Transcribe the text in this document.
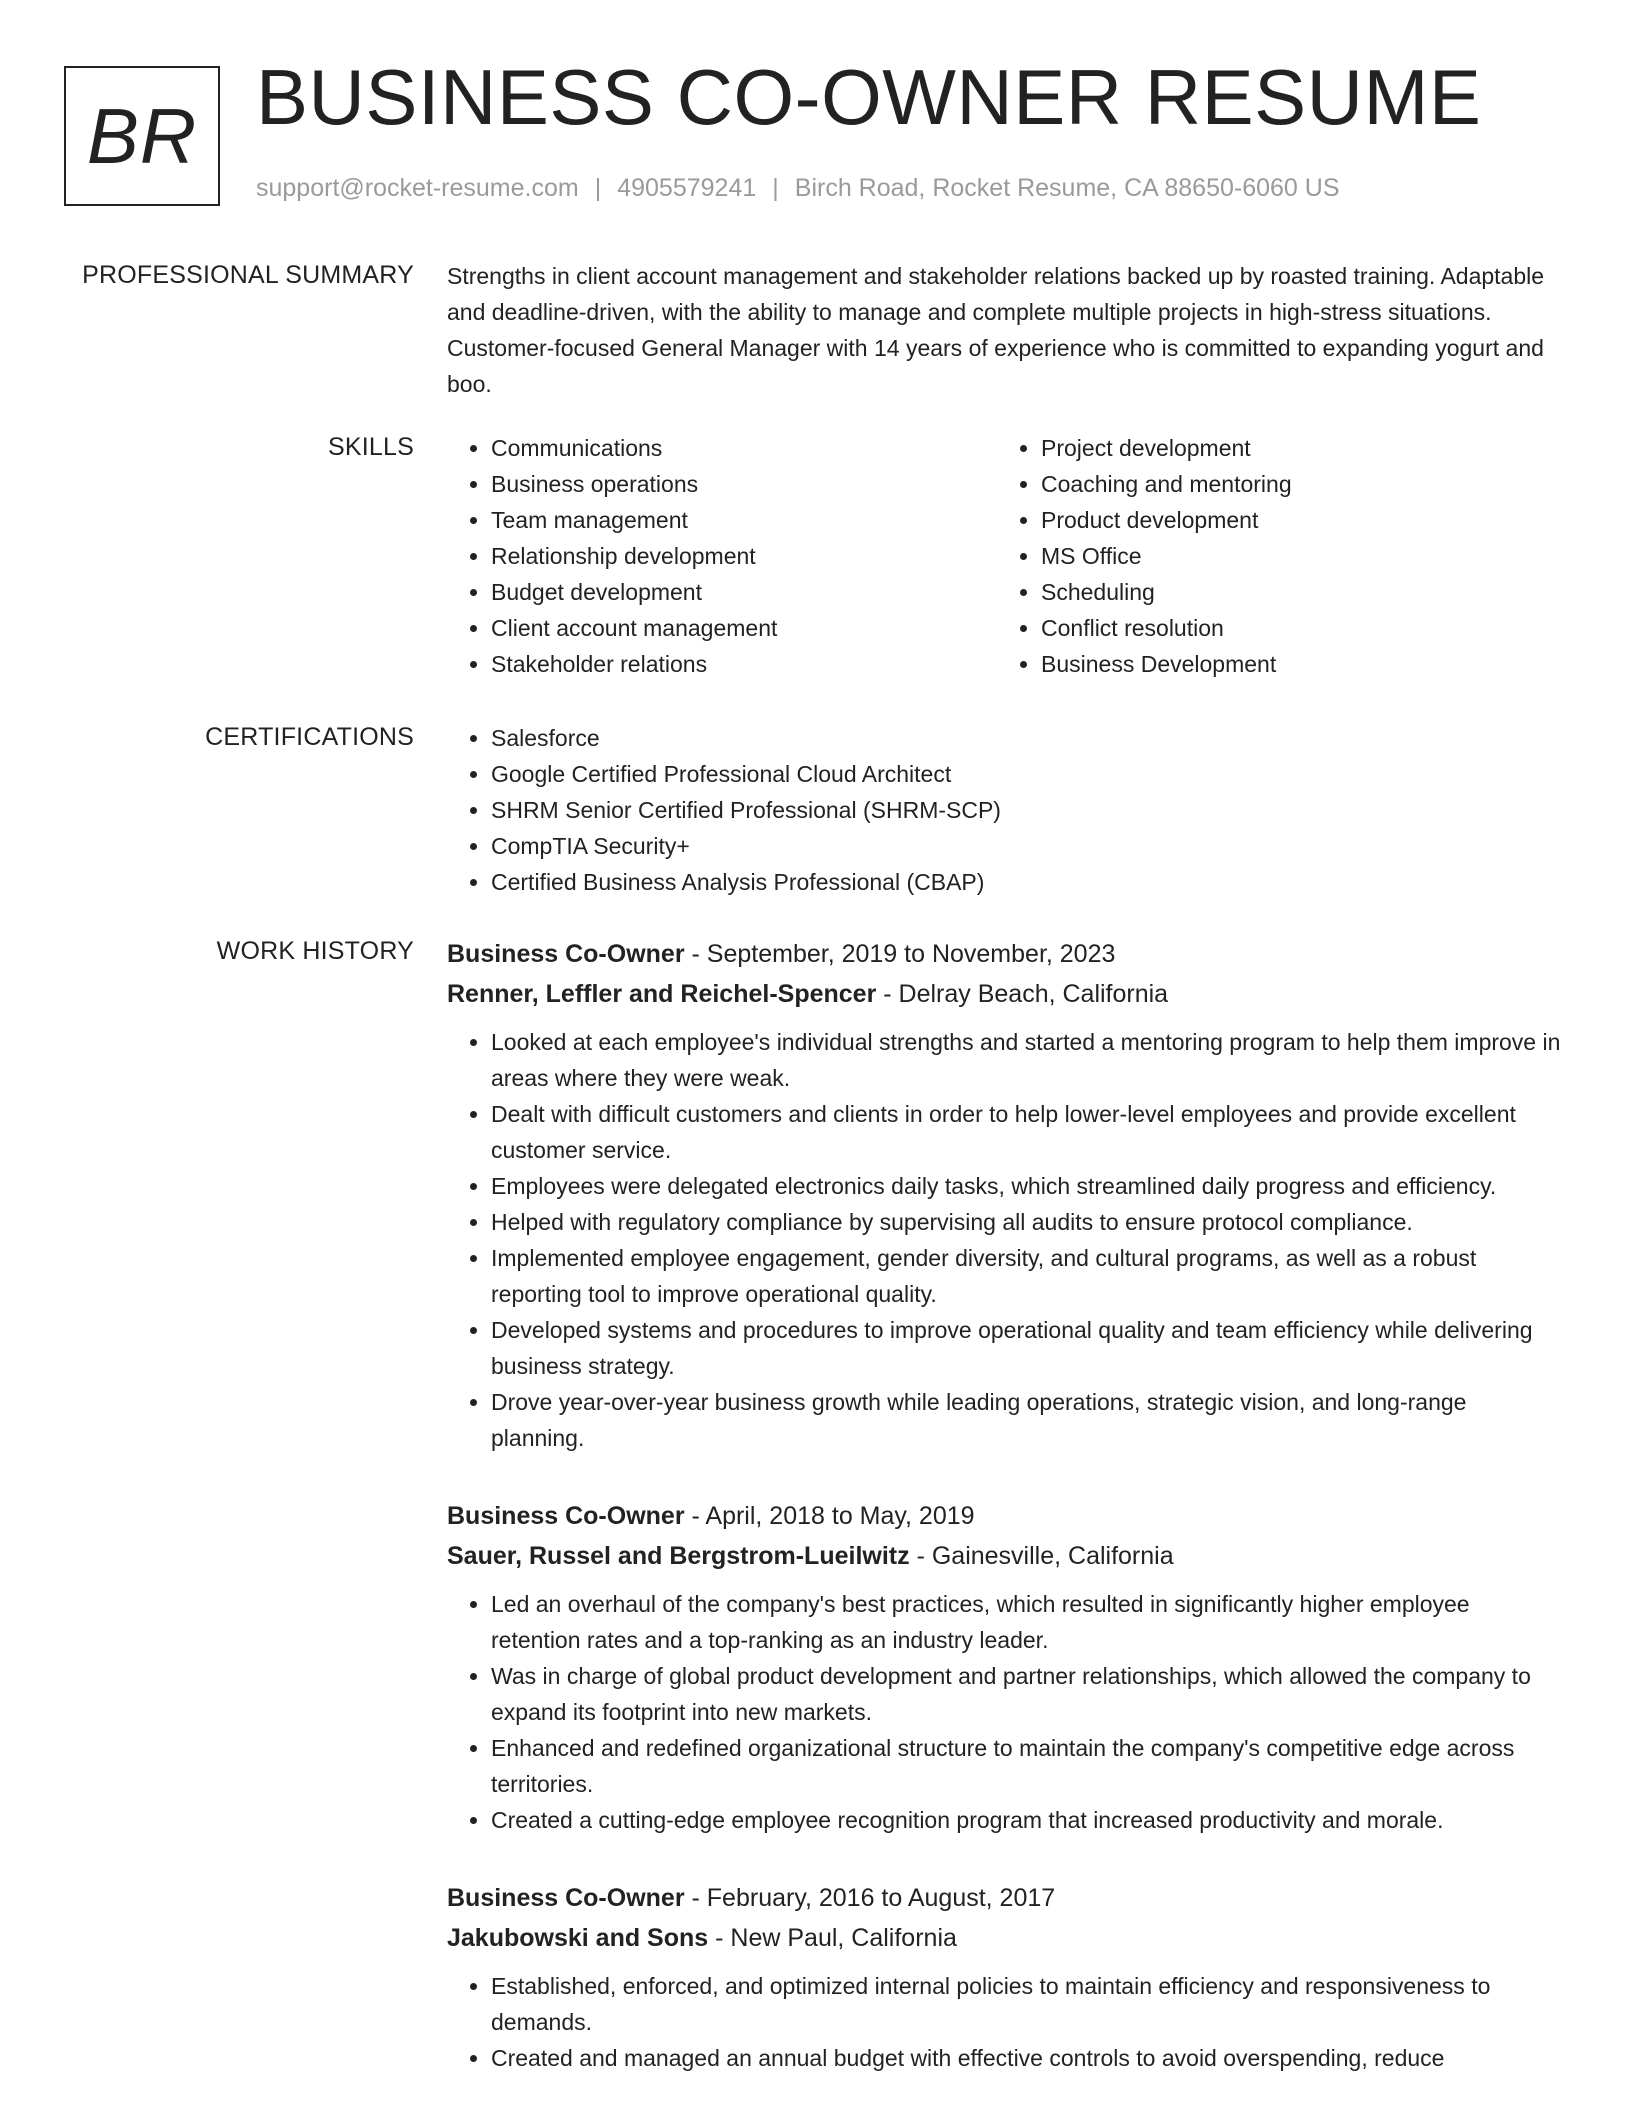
BR BUSINESS CO-OWNER RESUME
support@rocket-resume.com | 4905579241 | Birch Road, Rocket Resume, CA 88650-6060 US
PROFESSIONAL SUMMARY Strengths in client account management and stakeholder relations backed up by roasted training. Adaptable and deadline-driven, with the ability to manage and complete multiple projects in high-stress situations. Customer-focused General Manager with 14 years of experience who is committed to expanding yogurt and boo.

SKILLS	• Communications
• Business operations
• Team management
• Relationship development
• Budget development
• Client account management
• Stakeholder relations
• Project development
• Coaching and mentoring
• Product development
• MS Office
• Scheduling
• Conflict resolution
• Business Development
CERTIFICATIONS	• Salesforce
• Google Certified Professional Cloud Architect
• SHRM Senior Certified Professional (SHRM-SCP)
• CompTIA Security+
• Certified Business Analysis Professional (CBAP)
WORK HISTORY Business Co-Owner - September, 2019 to November, 2023
Renner, Leffler and Reichel-Spencer - Delray Beach, California
• Looked at each employee's individual strengths and started a mentoring program to help them improve in areas where they were weak.
• Dealt with difficult customers and clients in order to help lower-level employees and provide excellent customer service.
• Employees were delegated electronics daily tasks, which streamlined daily progress and efficiency.
• Helped with regulatory compliance by supervising all audits to ensure protocol compliance.
• Implemented employee engagement, gender diversity, and cultural programs, as well as a robust reporting tool to improve operational quality.
• Developed systems and procedures to improve operational quality and team efficiency while delivering business strategy.
• Drove year-over-year business growth while leading operations, strategic vision, and long-range planning.
Business Co-Owner - April, 2018 to May, 2019
Sauer, Russel and Bergstrom-Lueilwitz - Gainesville, California
• Led an overhaul of the company's best practices, which resulted in significantly higher employee retention rates and a top-ranking as an industry leader.
• Was in charge of global product development and partner relationships, which allowed the company to expand its footprint into new markets.
• Enhanced and redefined organizational structure to maintain the company's competitive edge across territories.
• Created a cutting-edge employee recognition program that increased productivity and morale.
Business Co-Owner - February, 2016 to August, 2017
Jakubowski and Sons - New Paul, California
• Established, enforced, and optimized internal policies to maintain efficiency and responsiveness to demands.
• Created and managed an annual budget with effective controls to avoid overspending, reduce
